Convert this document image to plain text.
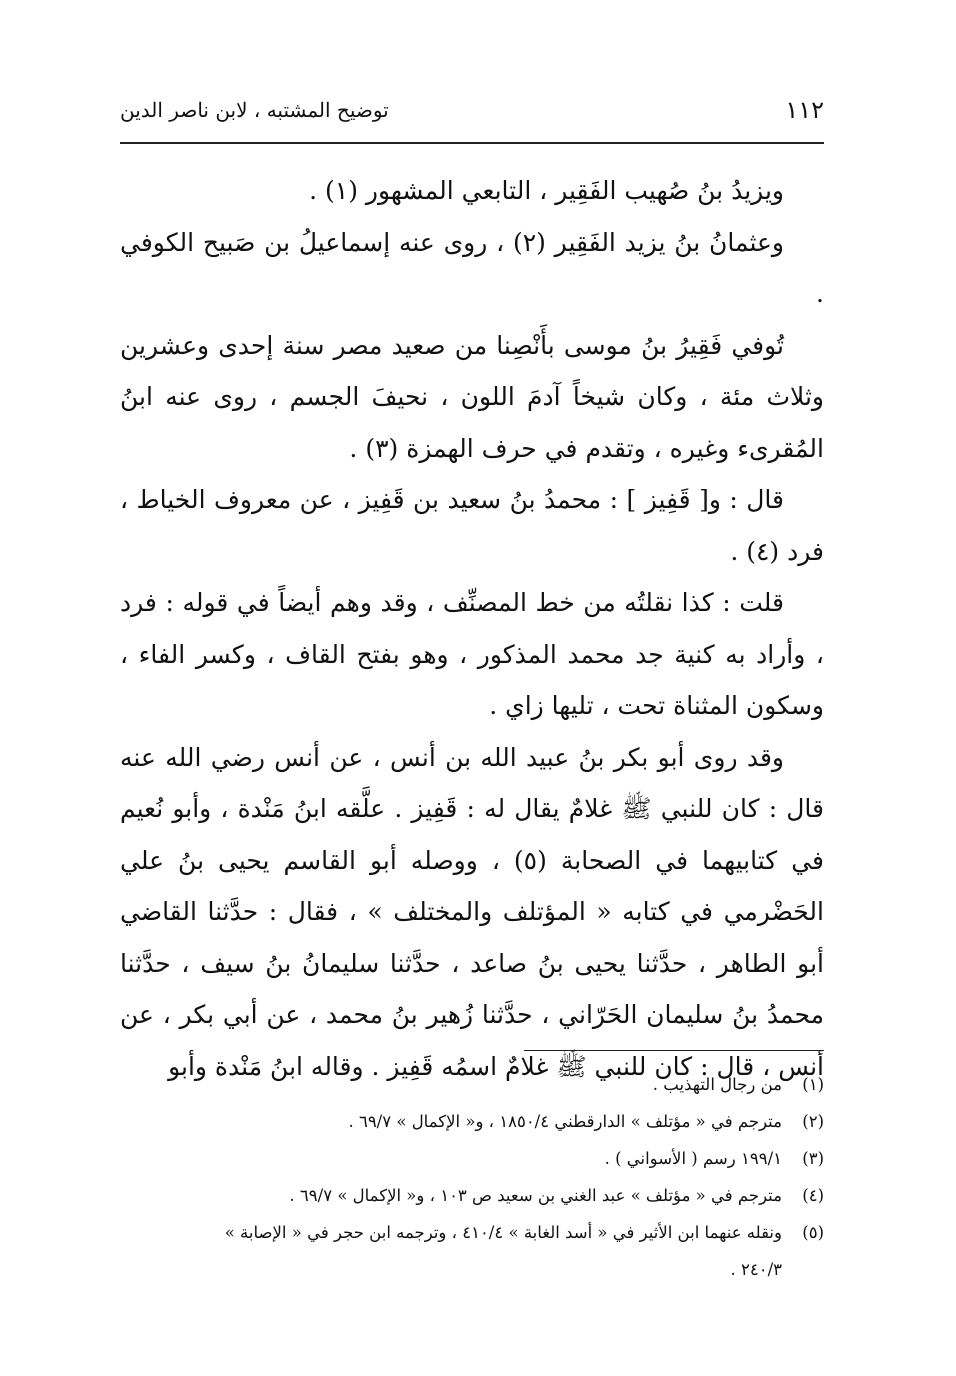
١١٢
توضيح المشتبه ، لابن ناصر الدين

ويزيدُ بنُ صُهيب الفَقِير ، التابعي المشهور (١) .

وعثمانُ بنُ يزيد الفَقِير (٢) ، روى عنه إسماعيلُ بن صَبيح الكوفي .

تُوفي فَقِيرُ بنُ موسى بأَنْصِنا من صعيد مصر سنة إحدى وعشرين وثلاث مئة ، وكان شيخاً آدمَ اللون ، نحيفَ الجسم ، روى عنه ابنُ المُقرىء وغيره ، وتقدم في حرف الهمزة (٣) .

قال : و[ قَفِيز ] : محمدُ بنُ سعيد بن قَفِيز ، عن معروف الخياط ، فرد (٤) .

قلت : كذا نقلتُه من خط المصنِّف ، وقد وهم أيضاً في قوله : فرد ، وأراد به كنية جد محمد المذكور ، وهو بفتح القاف ، وكسر الفاء ، وسكون المثناة تحت ، تليها زاي .

وقد روى أبو بكر بنُ عبيد الله بن أنس ، عن أنس رضي الله عنه قال : كان للنبي ﷺ غلامٌ يقال له : قَفِيز . علَّقه ابنُ مَنْدة ، وأبو نُعيم في كتابيهما في الصحابة (٥) ، ووصله أبو القاسم يحيى بنُ علي الحَضْرمي في كتابه « المؤتلف والمختلف » ، فقال : حدَّثنا القاضي أبو الطاهر ، حدَّثنا يحيى بنُ صاعد ، حدَّثنا سليمانُ بنُ سيف ، حدَّثنا محمدُ بنُ سليمان الحَرّاني ، حدَّثنا زُهير بنُ محمد ، عن أبي بكر ، عن أنس ، قال : كان للنبي ﷺ غلامٌ اسمُه قَفِيز . وقاله ابنُ مَنْدة وأبو

(١)
من رجال التهذيب .
(٢)
مترجم في « مؤتلف » الدارقطني ١٨٥٠/٤ ، و« الإكمال » ٦٩/٧ .
(٣)
١٩٩/١ رسم ( الأسواني ) .
(٤)
مترجم في « مؤتلف » عبد الغني بن سعيد ص ١٠٣ ، و« الإكمال » ٦٩/٧ .
(٥)
ونقله عنهما ابن الأثير في « أسد الغابة » ٤١٠/٤ ، وترجمه ابن حجر في « الإصابة »
٢٤٠/٣ .
